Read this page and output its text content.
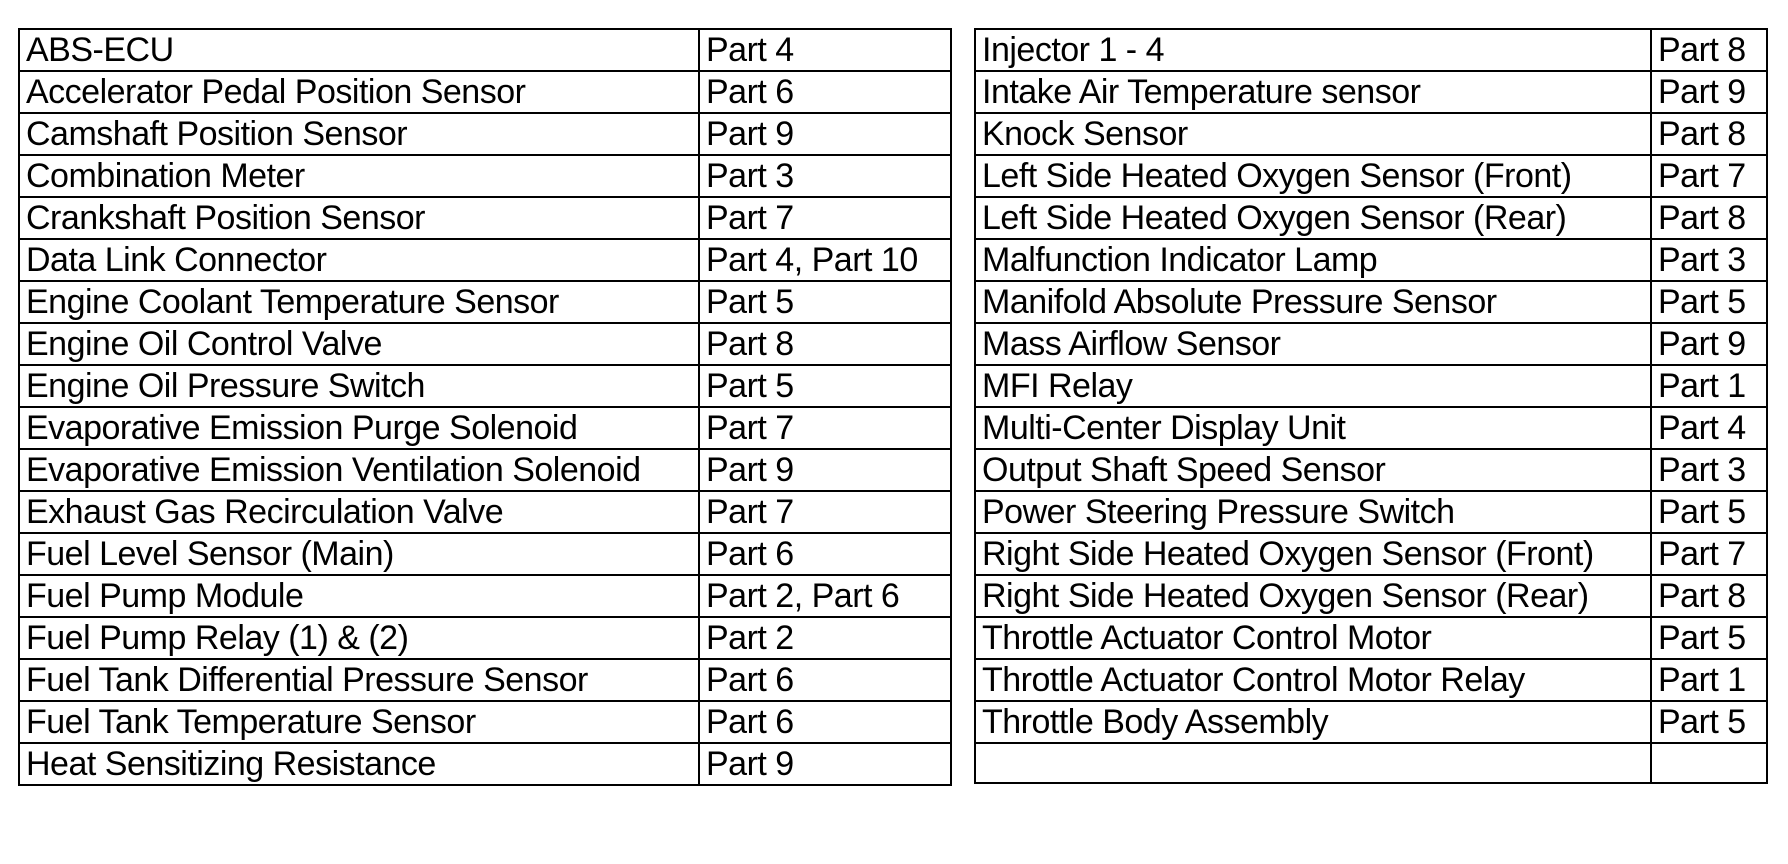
ABS-ECU	Part 4
Accelerator Pedal Position Sensor	Part 6
Camshaft Position Sensor	Part 9
Combination Meter	Part 3
Crankshaft Position Sensor	Part 7
Data Link Connector	Part 4, Part 10
Engine Coolant Temperature Sensor	Part 5
Engine Oil Control Valve	Part 8
Engine Oil Pressure Switch	Part 5
Evaporative Emission Purge Solenoid	Part 7
Evaporative Emission Ventilation Solenoid	Part 9
Exhaust Gas Recirculation Valve	Part 7
Fuel Level Sensor (Main)	Part 6
Fuel Pump Module	Part 2, Part 6
Fuel Pump Relay (1) & (2)	Part 2
Fuel Tank Differential Pressure Sensor	Part 6
Fuel Tank Temperature Sensor	Part 6
Heat Sensitizing Resistance	Part 9
Injector 1 - 4	Part 8
Intake Air Temperature sensor	Part 9
Knock Sensor	Part 8
Left Side Heated Oxygen Sensor (Front)	Part 7
Left Side Heated Oxygen Sensor (Rear)	Part 8
Malfunction Indicator Lamp	Part 3
Manifold Absolute Pressure Sensor	Part 5
Mass Airflow Sensor	Part 9
MFI Relay	Part 1
Multi-Center Display Unit	Part 4
Output Shaft Speed Sensor	Part 3
Power Steering Pressure Switch	Part 5
Right Side Heated Oxygen Sensor (Front)	Part 7
Right Side Heated Oxygen Sensor (Rear)	Part 8
Throttle Actuator Control Motor	Part 5
Throttle Actuator Control Motor Relay	Part 1
Throttle Body Assembly	Part 5
